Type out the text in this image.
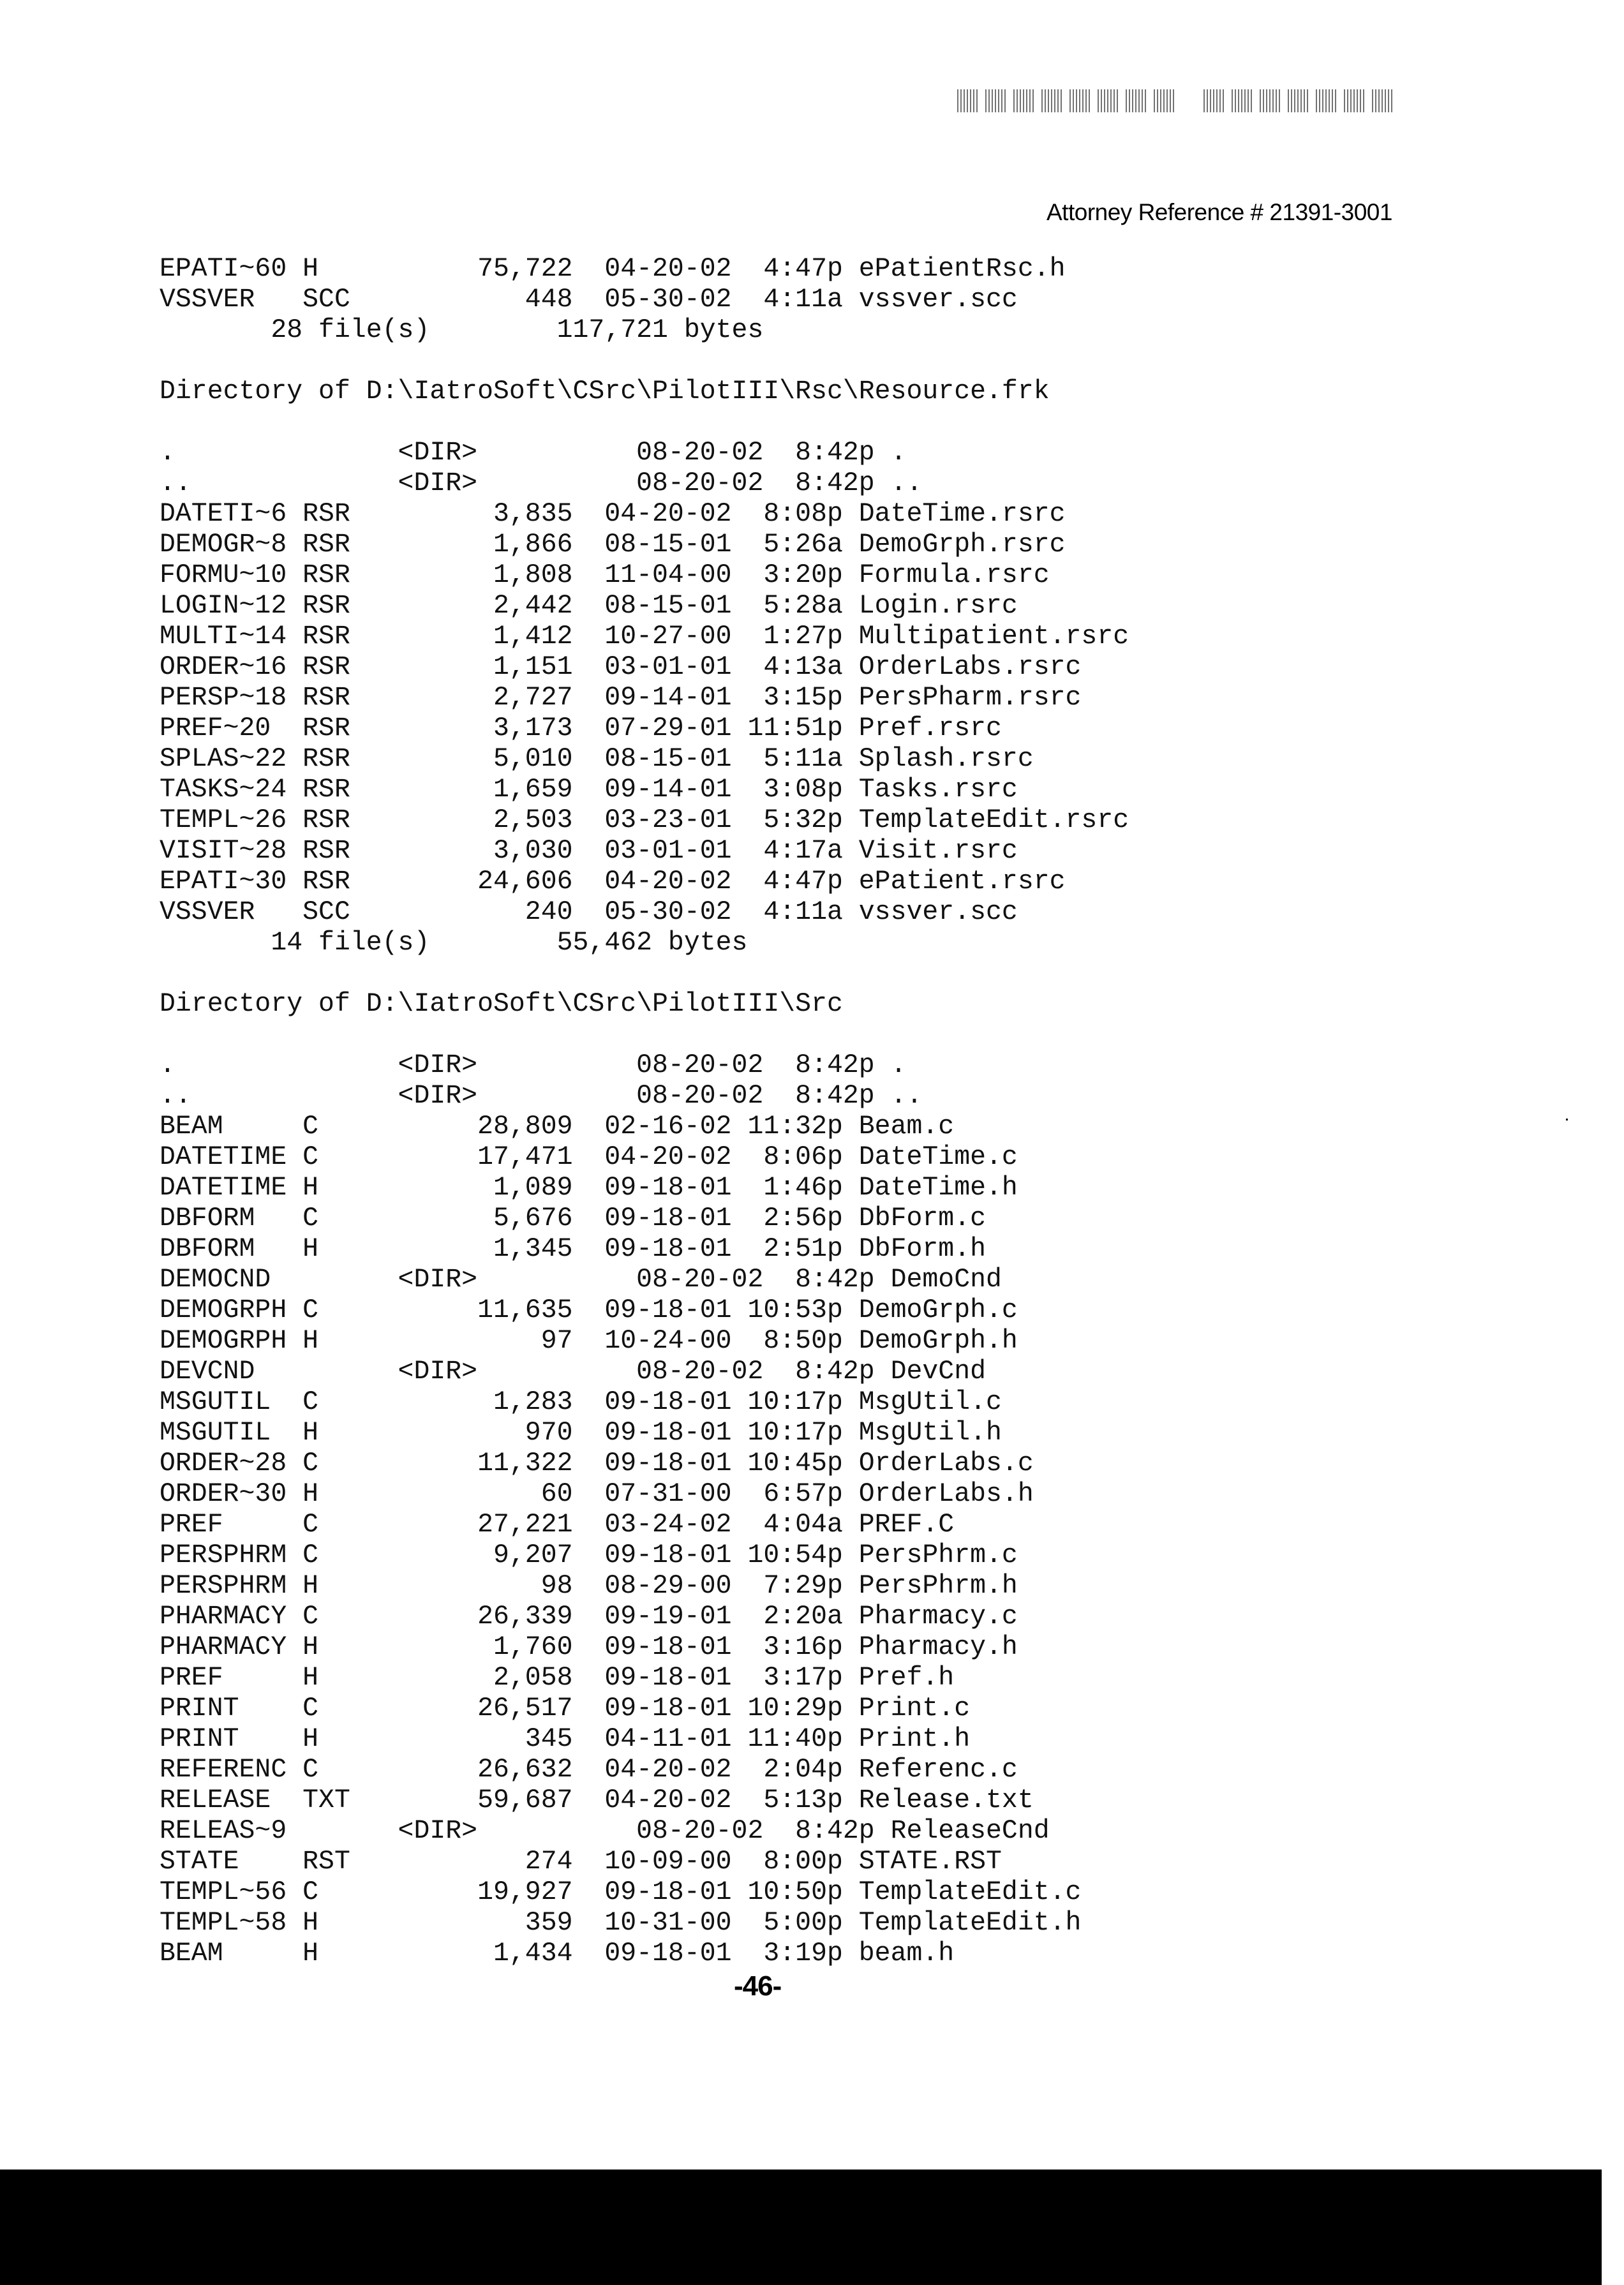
Attorney Reference # 21391-3001
EPATI~60 H          75,722  04-20-02  4:47p ePatientRsc.h
VSSVER   SCC           448  05-30-02  4:11a vssver.scc
28 file(s)        117,721 bytes
Directory of D:\IatroSoft\CSrc\PilotIII\Rsc\Resource.frk
.              <DIR>          08-20-02  8:42p .
..             <DIR>          08-20-02  8:42p ..
DATETI~6 RSR         3,835  04-20-02  8:08p DateTime.rsrc
DEMOGR~8 RSR         1,866  08-15-01  5:26a DemoGrph.rsrc
FORMU~10 RSR         1,808  11-04-00  3:20p Formula.rsrc
LOGIN~12 RSR         2,442  08-15-01  5:28a Login.rsrc
MULTI~14 RSR         1,412  10-27-00  1:27p Multipatient.rsrc
ORDER~16 RSR         1,151  03-01-01  4:13a OrderLabs.rsrc
PERSP~18 RSR         2,727  09-14-01  3:15p PersPharm.rsrc
PREF~20  RSR         3,173  07-29-01 11:51p Pref.rsrc
SPLAS~22 RSR         5,010  08-15-01  5:11a Splash.rsrc
TASKS~24 RSR         1,659  09-14-01  3:08p Tasks.rsrc
TEMPL~26 RSR         2,503  03-23-01  5:32p TemplateEdit.rsrc
VISIT~28 RSR         3,030  03-01-01  4:17a Visit.rsrc
EPATI~30 RSR        24,606  04-20-02  4:47p ePatient.rsrc
VSSVER   SCC           240  05-30-02  4:11a vssver.scc
14 file(s)        55,462 bytes
Directory of D:\IatroSoft\CSrc\PilotIII\Src
.              <DIR>          08-20-02  8:42p .
..             <DIR>          08-20-02  8:42p ..
BEAM     C          28,809  02-16-02 11:32p Beam.c
DATETIME C          17,471  04-20-02  8:06p DateTime.c
DATETIME H           1,089  09-18-01  1:46p DateTime.h
DBFORM   C           5,676  09-18-01  2:56p DbForm.c
DBFORM   H           1,345  09-18-01  2:51p DbForm.h
DEMOCND        <DIR>          08-20-02  8:42p DemoCnd
DEMOGRPH C          11,635  09-18-01 10:53p DemoGrph.c
DEMOGRPH H              97  10-24-00  8:50p DemoGrph.h
DEVCND         <DIR>          08-20-02  8:42p DevCnd
MSGUTIL  C           1,283  09-18-01 10:17p MsgUtil.c
MSGUTIL  H             970  09-18-01 10:17p MsgUtil.h
ORDER~28 C          11,322  09-18-01 10:45p OrderLabs.c
ORDER~30 H              60  07-31-00  6:57p OrderLabs.h
PREF     C          27,221  03-24-02  4:04a PREF.C
PERSPHRM C           9,207  09-18-01 10:54p PersPhrm.c
PERSPHRM H              98  08-29-00  7:29p PersPhrm.h
PHARMACY C          26,339  09-19-01  2:20a Pharmacy.c
PHARMACY H           1,760  09-18-01  3:16p Pharmacy.h
PREF     H           2,058  09-18-01  3:17p Pref.h
PRINT    C          26,517  09-18-01 10:29p Print.c
PRINT    H             345  04-11-01 11:40p Print.h
REFERENC C          26,632  04-20-02  2:04p Referenc.c
RELEASE  TXT        59,687  04-20-02  5:13p Release.txt
RELEAS~9       <DIR>          08-20-02  8:42p ReleaseCnd
STATE    RST           274  10-09-00  8:00p STATE.RST
TEMPL~56 C          19,927  09-18-01 10:50p TemplateEdit.c
TEMPL~58 H             359  10-31-00  5:00p TemplateEdit.h
BEAM     H           1,434  09-18-01  3:19p beam.h
-46-
